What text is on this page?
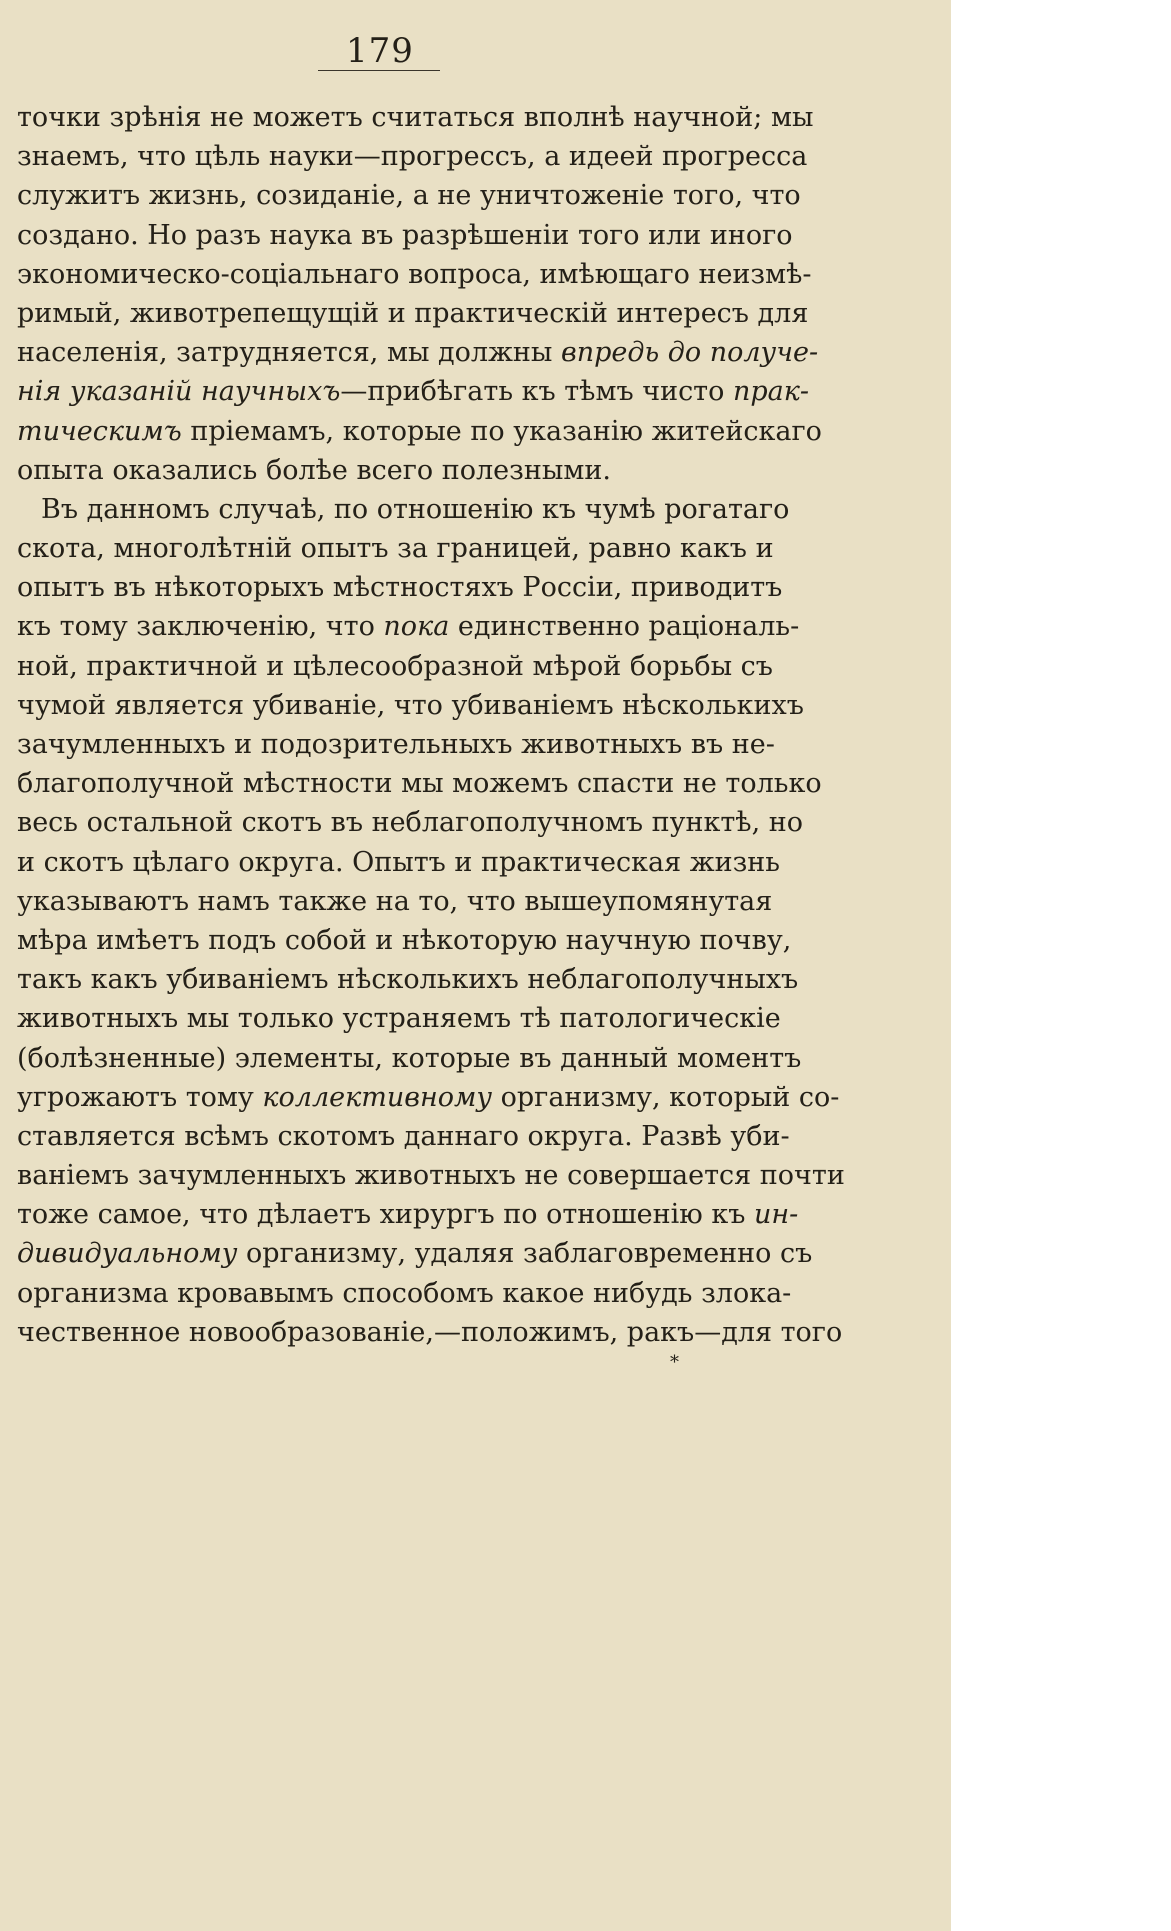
179
точки зрѣнія не можетъ считаться вполнѣ научной; мы
знаемъ, что цѣль науки—прогрессъ, а идеей прогресса
служитъ жизнь, созиданіе, а не уничтоженіе того, что
создано. Но разъ наука въ разрѣшеніи того или иного
экономическо-соціальнаго вопроса, имѣющаго неизмѣ-
римый, животрепещущій и практическій интересъ для
населенія, затрудняется, мы должны впредь до получе-
нія указаній научныхъ—прибѣгать къ тѣмъ чисто прак-
тическимъ пріемамъ, которые по указанію житейскаго
опыта оказались болѣе всего полезными.
Въ данномъ случаѣ, по отношенію къ чумѣ рогатаго
скота, многолѣтній опытъ за границей, равно какъ и
опытъ въ нѣкоторыхъ мѣстностяхъ Россіи, приводитъ
къ тому заключенію, что пока единственно раціональ-
ной, практичной и цѣлесообразной мѣрой борьбы съ
чумой является убиваніе, что убиваніемъ нѣсколькихъ
зачумленныхъ и подозрительныхъ животныхъ въ не-
благополучной мѣстности мы можемъ спасти не только
весь остальной скотъ въ неблагополучномъ пунктѣ, но
и скотъ цѣлаго округа. Опытъ и практическая жизнь
указываютъ намъ также на то, что вышеупомянутая
мѣра имѣетъ подъ собой и нѣкоторую научную почву,
такъ какъ убиваніемъ нѣсколькихъ неблагополучныхъ
животныхъ мы только устраняемъ тѣ патологическіе
(болѣзненные) элементы, которые въ данный моментъ
угрожаютъ тому коллективному организму, который со-
ставляется всѣмъ скотомъ даннаго округа. Развѣ уби-
ваніемъ зачумленныхъ животныхъ не совершается почти
тоже самое, что дѣлаетъ хирургъ по отношенію къ ин-
дивидуальному организму, удаляя заблаговременно съ
организма кровавымъ способомъ какое нибудь злока-
чественное новообразованіе,—положимъ, ракъ—для того
*
